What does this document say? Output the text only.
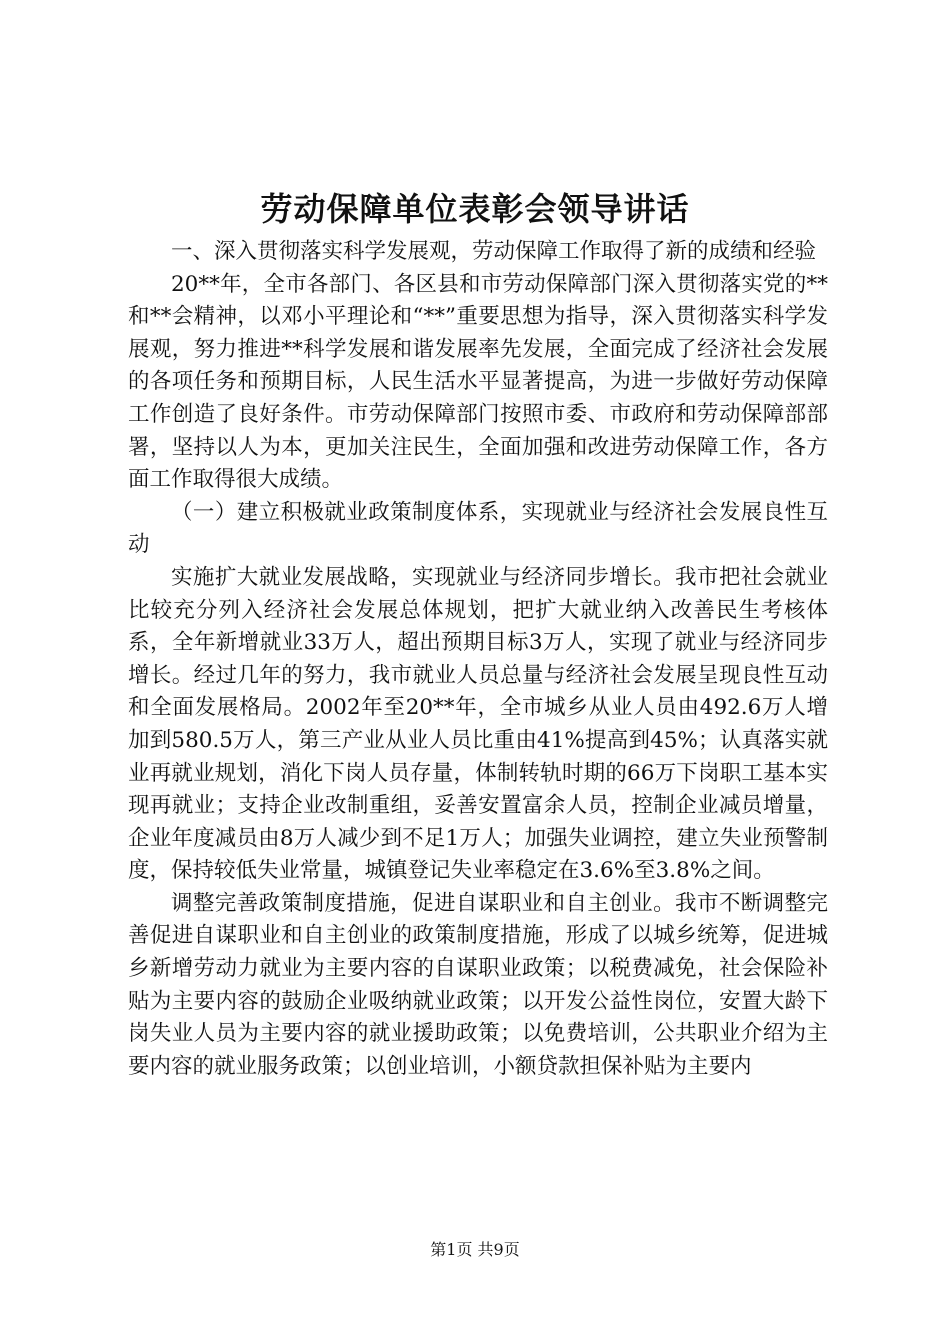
劳动保障单位表彰会领导讲话

一、深入贯彻落实科学发展观，劳动保障工作取得了新的成绩和经验

20**年，全市各部门、各区县和市劳动保障部门深入贯彻落实党的**和**会精神，以邓小平理论和“**”重要思想为指导，深入贯彻落实科学发展观，努力推进**科学发展和谐发展率先发展，全面完成了经济社会发展的各项任务和预期目标，人民生活水平显著提高，为进一步做好劳动保障工作创造了良好条件。市劳动保障部门按照市委、市政府和劳动保障部部署，坚持以人为本，更加关注民生，全面加强和改进劳动保障工作，各方面工作取得很大成绩。

（一）建立积极就业政策制度体系，实现就业与经济社会发展良性互动

实施扩大就业发展战略，实现就业与经济同步增长。我市把社会就业比较充分列入经济社会发展总体规划，把扩大就业纳入改善民生考核体系，全年新增就业33万人，超出预期目标3万人，实现了就业与经济同步增长。经过几年的努力，我市就业人员总量与经济社会发展呈现良性互动和全面发展格局。2002年至20**年，全市城乡从业人员由492.6万人增加到580.5万人，第三产业从业人员比重由41%提高到45%；认真落实就业再就业规划，消化下岗人员存量，体制转轨时期的66万下岗职工基本实现再就业；支持企业改制重组，妥善安置富余人员，控制企业减员增量，企业年度减员由8万人减少到不足1万人；加强失业调控，建立失业预警制度，保持较低失业常量，城镇登记失业率稳定在3.6%至3.8%之间。

调整完善政策制度措施，促进自谋职业和自主创业。我市不断调整完善促进自谋职业和自主创业的政策制度措施，形成了以城乡统筹，促进城乡新增劳动力就业为主要内容的自谋职业政策；以税费减免，社会保险补贴为主要内容的鼓励企业吸纳就业政策；以开发公益性岗位，安置大龄下岗失业人员为主要内容的就业援助政策；以免费培训，公共职业介绍为主要内容的就业服务政策；以创业培训，小额贷款担保补贴为主要内

第1页 共9页
